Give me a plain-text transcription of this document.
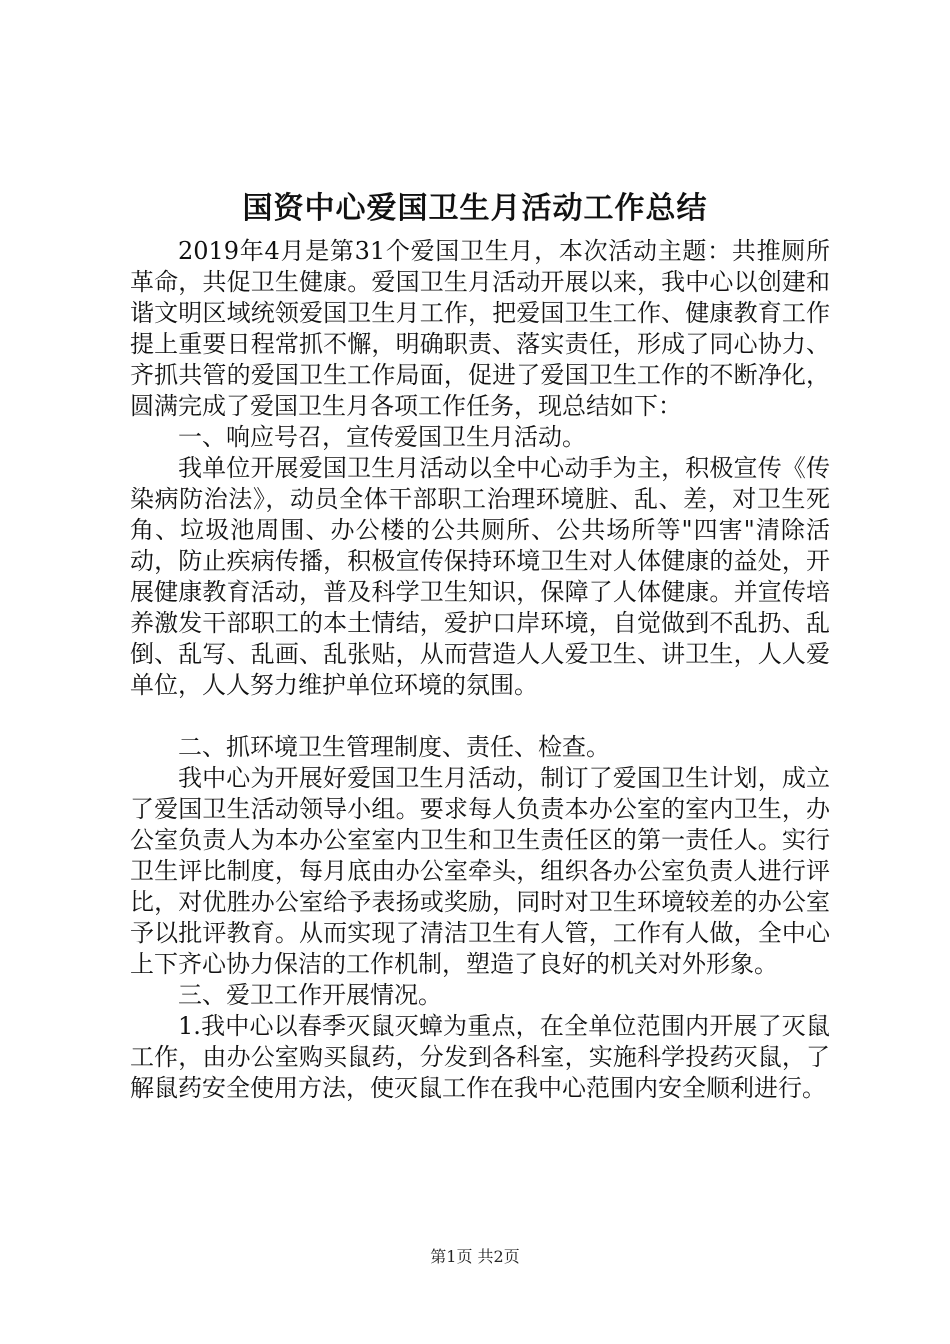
国资中心爱国卫生月活动工作总结

2019年4月是第31个爱国卫生月，本次活动主题：共推厕所革命，共促卫生健康。爱国卫生月活动开展以来，我中心以创建和谐文明区域统领爱国卫生月工作，把爱国卫生工作、健康教育工作提上重要日程常抓不懈，明确职责、落实责任，形成了同心协力、齐抓共管的爱国卫生工作局面，促进了爱国卫生工作的不断净化，圆满完成了爱国卫生月各项工作任务，现总结如下：

一、响应号召，宣传爱国卫生月活动。

我单位开展爱国卫生月活动以全中心动手为主，积极宣传《传染病防治法》，动员全体干部职工治理环境脏、乱、差，对卫生死角、垃圾池周围、办公楼的公共厕所、公共场所等"四害"清除活动，防止疾病传播，积极宣传保持环境卫生对人体健康的益处，开展健康教育活动，普及科学卫生知识，保障了人体健康。并宣传培养激发干部职工的本土情结，爱护口岸环境，自觉做到不乱扔、乱倒、乱写、乱画、乱张贴，从而营造人人爱卫生、讲卫生，人人爱单位，人人努力维护单位环境的氛围。

二、抓环境卫生管理制度、责任、检查。

我中心为开展好爱国卫生月活动，制订了爱国卫生计划，成立了爱国卫生活动领导小组。要求每人负责本办公室的室内卫生，办公室负责人为本办公室室内卫生和卫生责任区的第一责任人。实行卫生评比制度，每月底由办公室牵头，组织各办公室负责人进行评比，对优胜办公室给予表扬或奖励，同时对卫生环境较差的办公室予以批评教育。从而实现了清洁卫生有人管，工作有人做，全中心上下齐心协力保洁的工作机制，塑造了良好的机关对外形象。

三、爱卫工作开展情况。

1.我中心以春季灭鼠灭蟑为重点，在全单位范围内开展了灭鼠工作，由办公室购买鼠药，分发到各科室，实施科学投药灭鼠，了解鼠药安全使用方法，使灭鼠工作在我中心范围内安全顺利进行。

第1页 共2页
